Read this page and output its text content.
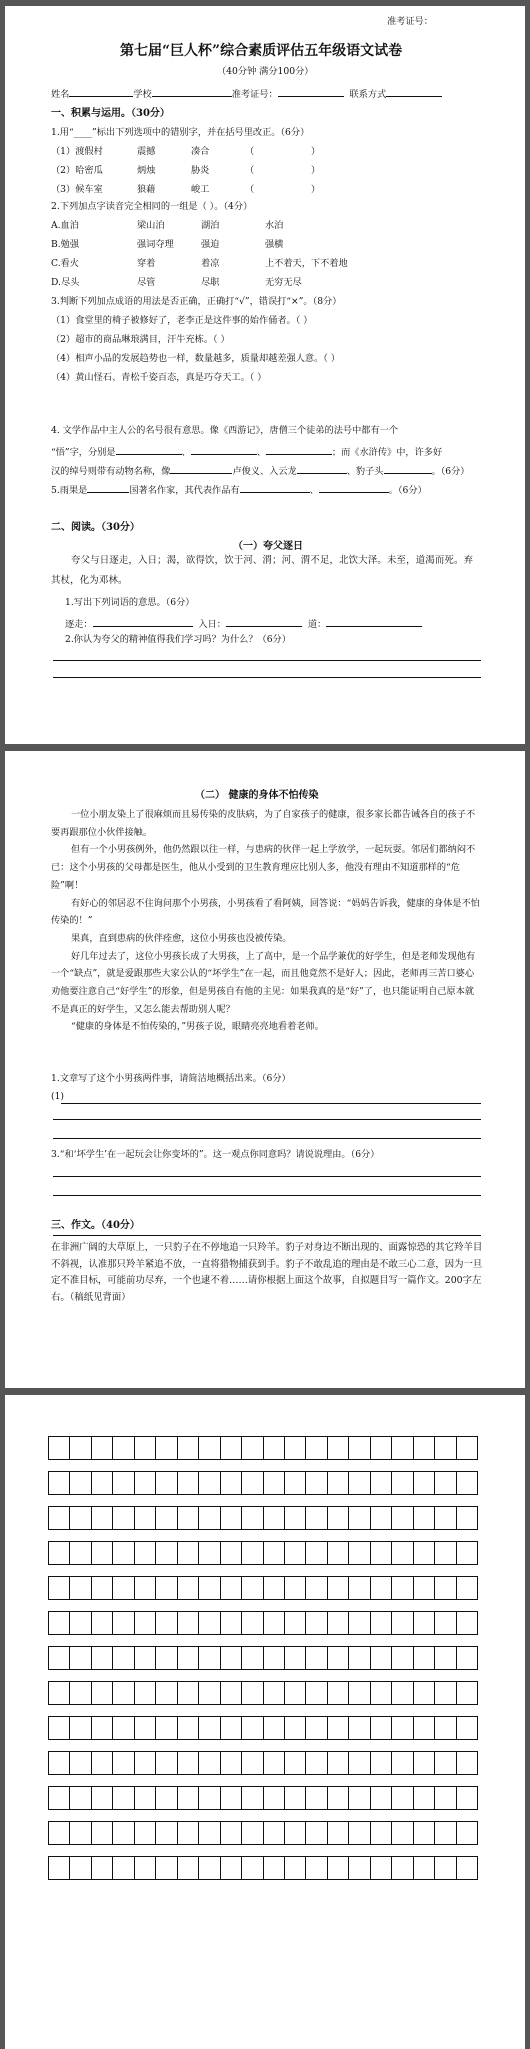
准考证号：
第七届“巨人杯”综合素质评估五年级语文试卷
（40分钟 满分100分）
姓名	学校	准考证号：	联系方式
一、积累与运用。（30分）
1.用“____”标出下列选项中的错别字，并在括号里改正。（6分）
（1）渡假村	震撼	凑合	（	）
（2）哈密瓜	炳烛	胁炎	（	）
（3）候车室	狼藉	峻工	（	）
2.下列加点字读音完全相同的一组是（ ）。（4分）
A.血泊	梁山泊	湖泊	水泊
B.勉强	强词夺理	强迫	强横
C.看火	穿着	着凉	上不着天，下不着地
D.尽头	尽管	尽职	无穷无尽
3.判断下列加点成语的用法是否正确，正确打“√”，错误打“×”。（8分）
（1）食堂里的椅子被修好了，老李正是这件事的始作俑者。（ ）
（2）超市的商品琳琅满目，汗牛充栋。（ ）
（4）相声小品的发展趋势也一样，数量越多，质量却越差强人意。（ ）
（4）黄山怪石、青松千姿百态，真是巧夺天工。（ ）
4. 文学作品中主人公的名号很有意思。像《西游记》，唐僧三个徒弟的法号中都有一个
“悟”字，分别是	、	、	；而《水浒传》中，许多好
汉的绰号则带有动物名称，像	卢俊义、入云龙	、豹子头	。（6分）
5.雨果是	国著名作家，其代表作品有	、	。（6分）
二、阅读。（30分）
（一）夸父逐日
夸父与日逐走，入日；渴，欲得饮，饮于河、渭；河、渭不足，北饮大泽。未至，道渴而死。弃其杖，化为邓林。
1.写出下列词语的意思。（6分）
逐走：	入日：	道：
2.你认为夸父的精神值得我们学习吗？为什么？（6分）
（二） 健康的身体不怕传染
一位小朋友染上了很麻烦而且易传染的皮肤病，为了自家孩子的健康，很多家长都告诫各自的孩子不要再跟那位小伙伴接触。
但有一个小男孩例外，他仍然跟以往一样，与患病的伙伴一起上学放学，一起玩耍。邻居们都纳闷不已：这个小男孩的父母都是医生，他从小受到的卫生教育理应比别人多，他没有理由不知道那样的“危险”啊！
有好心的邻居忍不住询问那个小男孩，小男孩看了看阿姨，回答说：“妈妈告诉我，健康的身体是不怕传染的！”
果真，直到患病的伙伴痊愈，这位小男孩也没被传染。
好几年过去了，这位小男孩长成了大男孩，上了高中，是一个品学兼优的好学生，但是老师发现他有一个“缺点”，就是爱跟那些大家公认的“坏学生”在一起，而且他竟然不是好人；因此，老师再三苦口婆心劝他要注意自己“好学生”的形象，但是男孩自有他的主见：如果我真的是“好”了，也只能证明自己原本就不是真正的好学生，又怎么能去帮助别人呢？
“健康的身体是不怕传染的，”男孩子说，眼睛亮亮地看着老师。
1.文章写了这个小男孩两件事，请简洁地概括出来。（6分）
(1)
3.“和‘坏学生’在一起玩会让你变坏的”。这一观点你同意吗？请说说理由。（6分）
三、作文。（40分）
在非洲广阔的大草原上，一只豹子在不停地追一只羚羊。豹子对身边不断出现的、面露惊恐的其它羚羊目不斜视，认准那只羚羊紧追不放，一直将猎物捕获到手。豹子不敢乱追的理由是不敢三心二意，因为一旦定不准目标，可能前功尽弃，一个也逮不着……请你根据上面这个故事，自拟题目写一篇作文。200字左右。（稿纸见背面）
